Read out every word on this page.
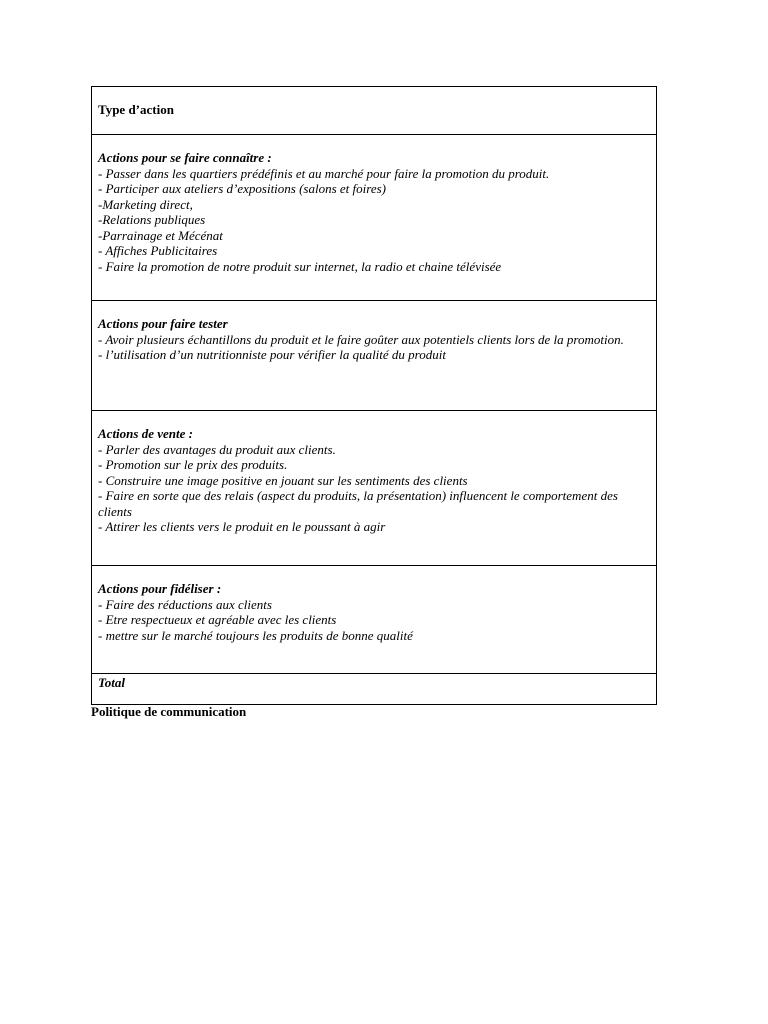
Type d’action
Actions pour se faire connaître :
- Passer dans les quartiers prédéfinis et au marché pour faire la promotion du produit.
- Participer aux ateliers d’expositions (salons et foires)
-Marketing direct,
-Relations publiques
-Parrainage et Mécénat
- Affiches Publicitaires
- Faire la promotion de notre produit sur internet, la radio et chaine télévisée
Actions pour faire tester
- Avoir plusieurs échantillons du produit et le faire goûter aux potentiels clients lors de la promotion.
- l’utilisation d’un nutritionniste pour vérifier la qualité du produit
Actions de vente :
- Parler des avantages du produit aux clients.
- Promotion sur le prix des produits.
- Construire une image positive en jouant sur les sentiments des clients
- Faire en sorte que des relais (aspect du produits, la présentation) influencent le comportement des clients
- Attirer les clients vers le produit en le poussant à agir
Actions pour fidéliser :
- Faire des réductions aux clients
- Etre respectueux et agréable avec les clients
- mettre sur le marché toujours les produits de bonne qualité
Total
Politique de communication
